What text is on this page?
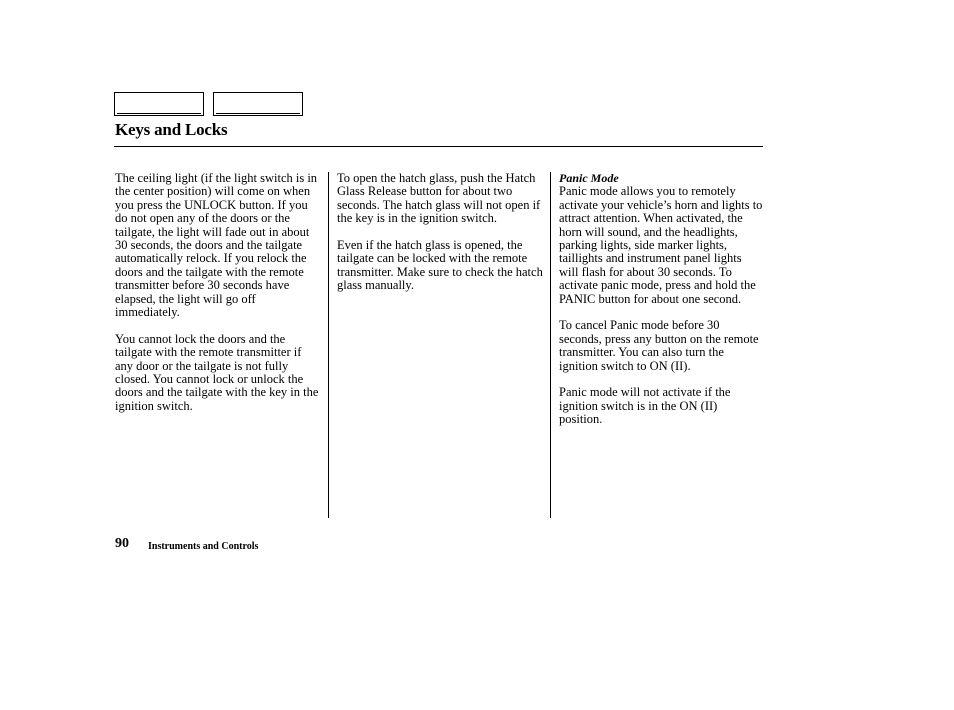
Keys and Locks

The ceiling light (if the light switch is in the center position) will come on when you press the UNLOCK button. If you do not open any of the doors or the tailgate, the light will fade out in about 30 seconds, the doors and the tailgate automatically relock. If you relock the doors and the tailgate with the remote transmitter before 30 seconds have elapsed, the light will go off immediately.

You cannot lock the doors and the tailgate with the remote transmitter if any door or the tailgate is not fully closed. You cannot lock or unlock the doors and the tailgate with the key in the ignition switch.

To open the hatch glass, push the Hatch Glass Release button for about two seconds. The hatch glass will not open if the key is in the ignition switch.

Even if the hatch glass is opened, the tailgate can be locked with the remote transmitter. Make sure to check the hatch glass manually.

Panic Mode

Panic mode allows you to remotely activate your vehicle’s horn and lights to attract attention. When activated, the horn will sound, and the headlights, parking lights, side marker lights, taillights and instrument panel lights will flash for about 30 seconds. To activate panic mode, press and hold the PANIC button for about one second.

To cancel Panic mode before 30 seconds, press any button on the remote transmitter. You can also turn the ignition switch to ON (II).

Panic mode will not activate if the ignition switch is in the ON (II) position.

90 Instruments and Controls
